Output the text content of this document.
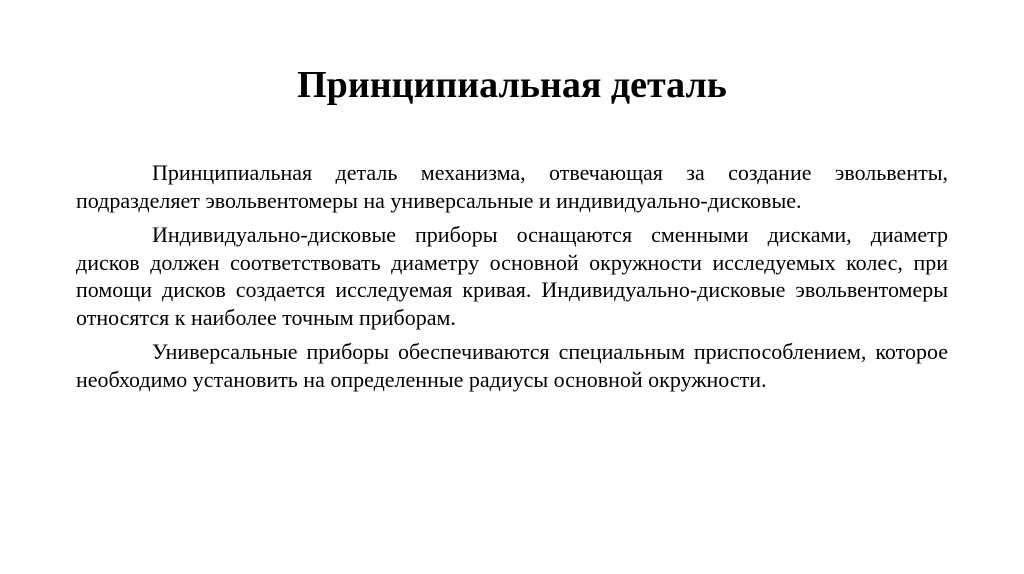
Принципиальная деталь

Принципиальная деталь механизма, отвечающая за создание эвольвенты, подразделяет эвольвентомеры на универсальные и индивидуально-дисковые.

Индивидуально-дисковые приборы оснащаются сменными дисками, диаметр дисков должен соответствовать диаметру основной окружности исследуемых колес, при помощи дисков создается исследуемая кривая. Индивидуально-дисковые эвольвентомеры относятся к наиболее точным приборам.

Универсальные приборы обеспечиваются специальным приспособлением, которое необходимо установить на определенные радиусы основной окружности.
